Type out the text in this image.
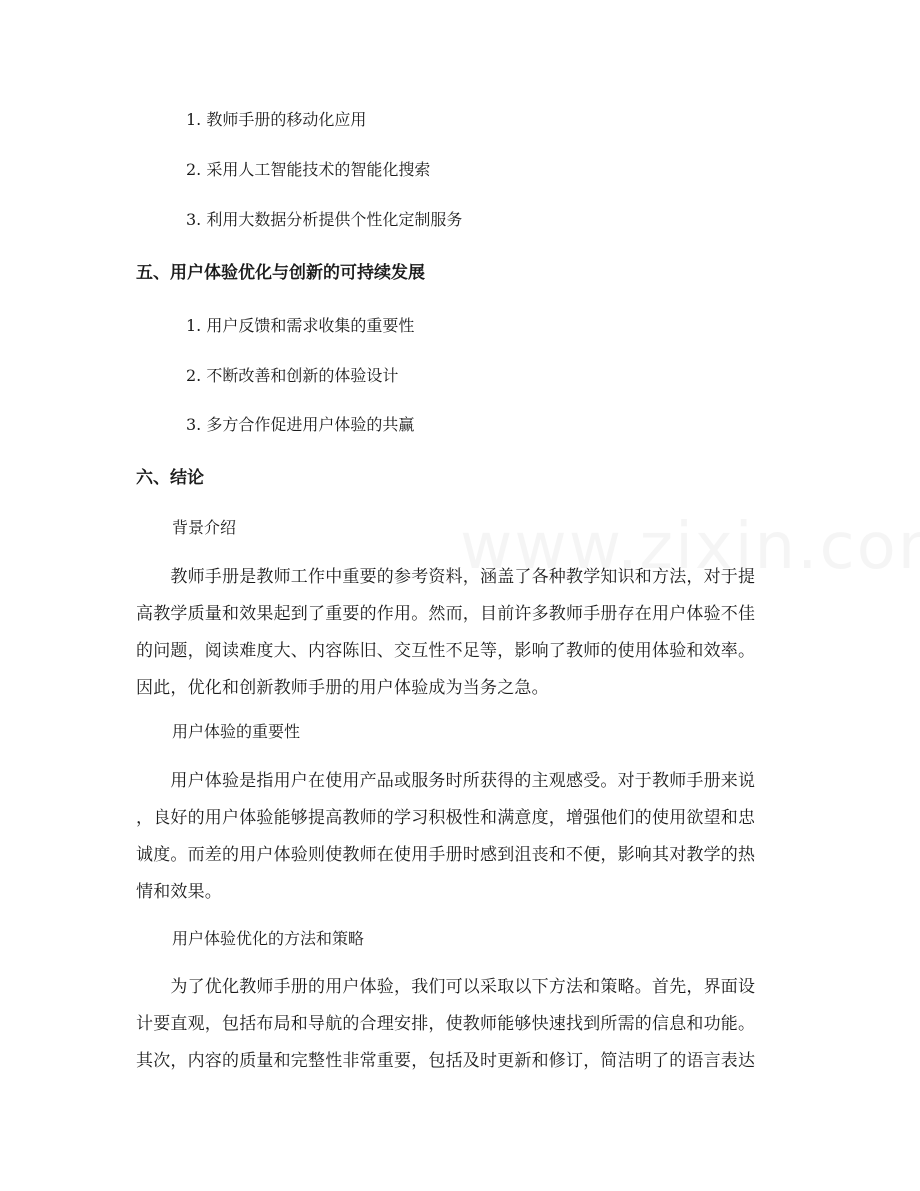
1. 教师手册的移动化应用
2. 采用人工智能技术的智能化搜索
3. 利用大数据分析提供个性化定制服务
五、用户体验优化与创新的可持续发展
1. 用户反馈和需求收集的重要性
2. 不断改善和创新的体验设计
3. 多方合作促进用户体验的共赢
六、结论
背景介绍
　　教师手册是教师工作中重要的参考资料，涵盖了各种教学知识和方法，对于提
高教学质量和效果起到了重要的作用。然而，目前许多教师手册存在用户体验不佳
的问题，阅读难度大、内容陈旧、交互性不足等，影响了教师的使用体验和效率。
因此，优化和创新教师手册的用户体验成为当务之急。
用户体验的重要性
　　用户体验是指用户在使用产品或服务时所获得的主观感受。对于教师手册来说
，良好的用户体验能够提高教师的学习积极性和满意度，增强他们的使用欲望和忠
诚度。而差的用户体验则使教师在使用手册时感到沮丧和不便，影响其对教学的热
情和效果。
用户体验优化的方法和策略
　　为了优化教师手册的用户体验，我们可以采取以下方法和策略。首先，界面设
计要直观，包括布局和导航的合理安排，使教师能够快速找到所需的信息和功能。
其次，内容的质量和完整性非常重要，包括及时更新和修订，简洁明了的语言表达
